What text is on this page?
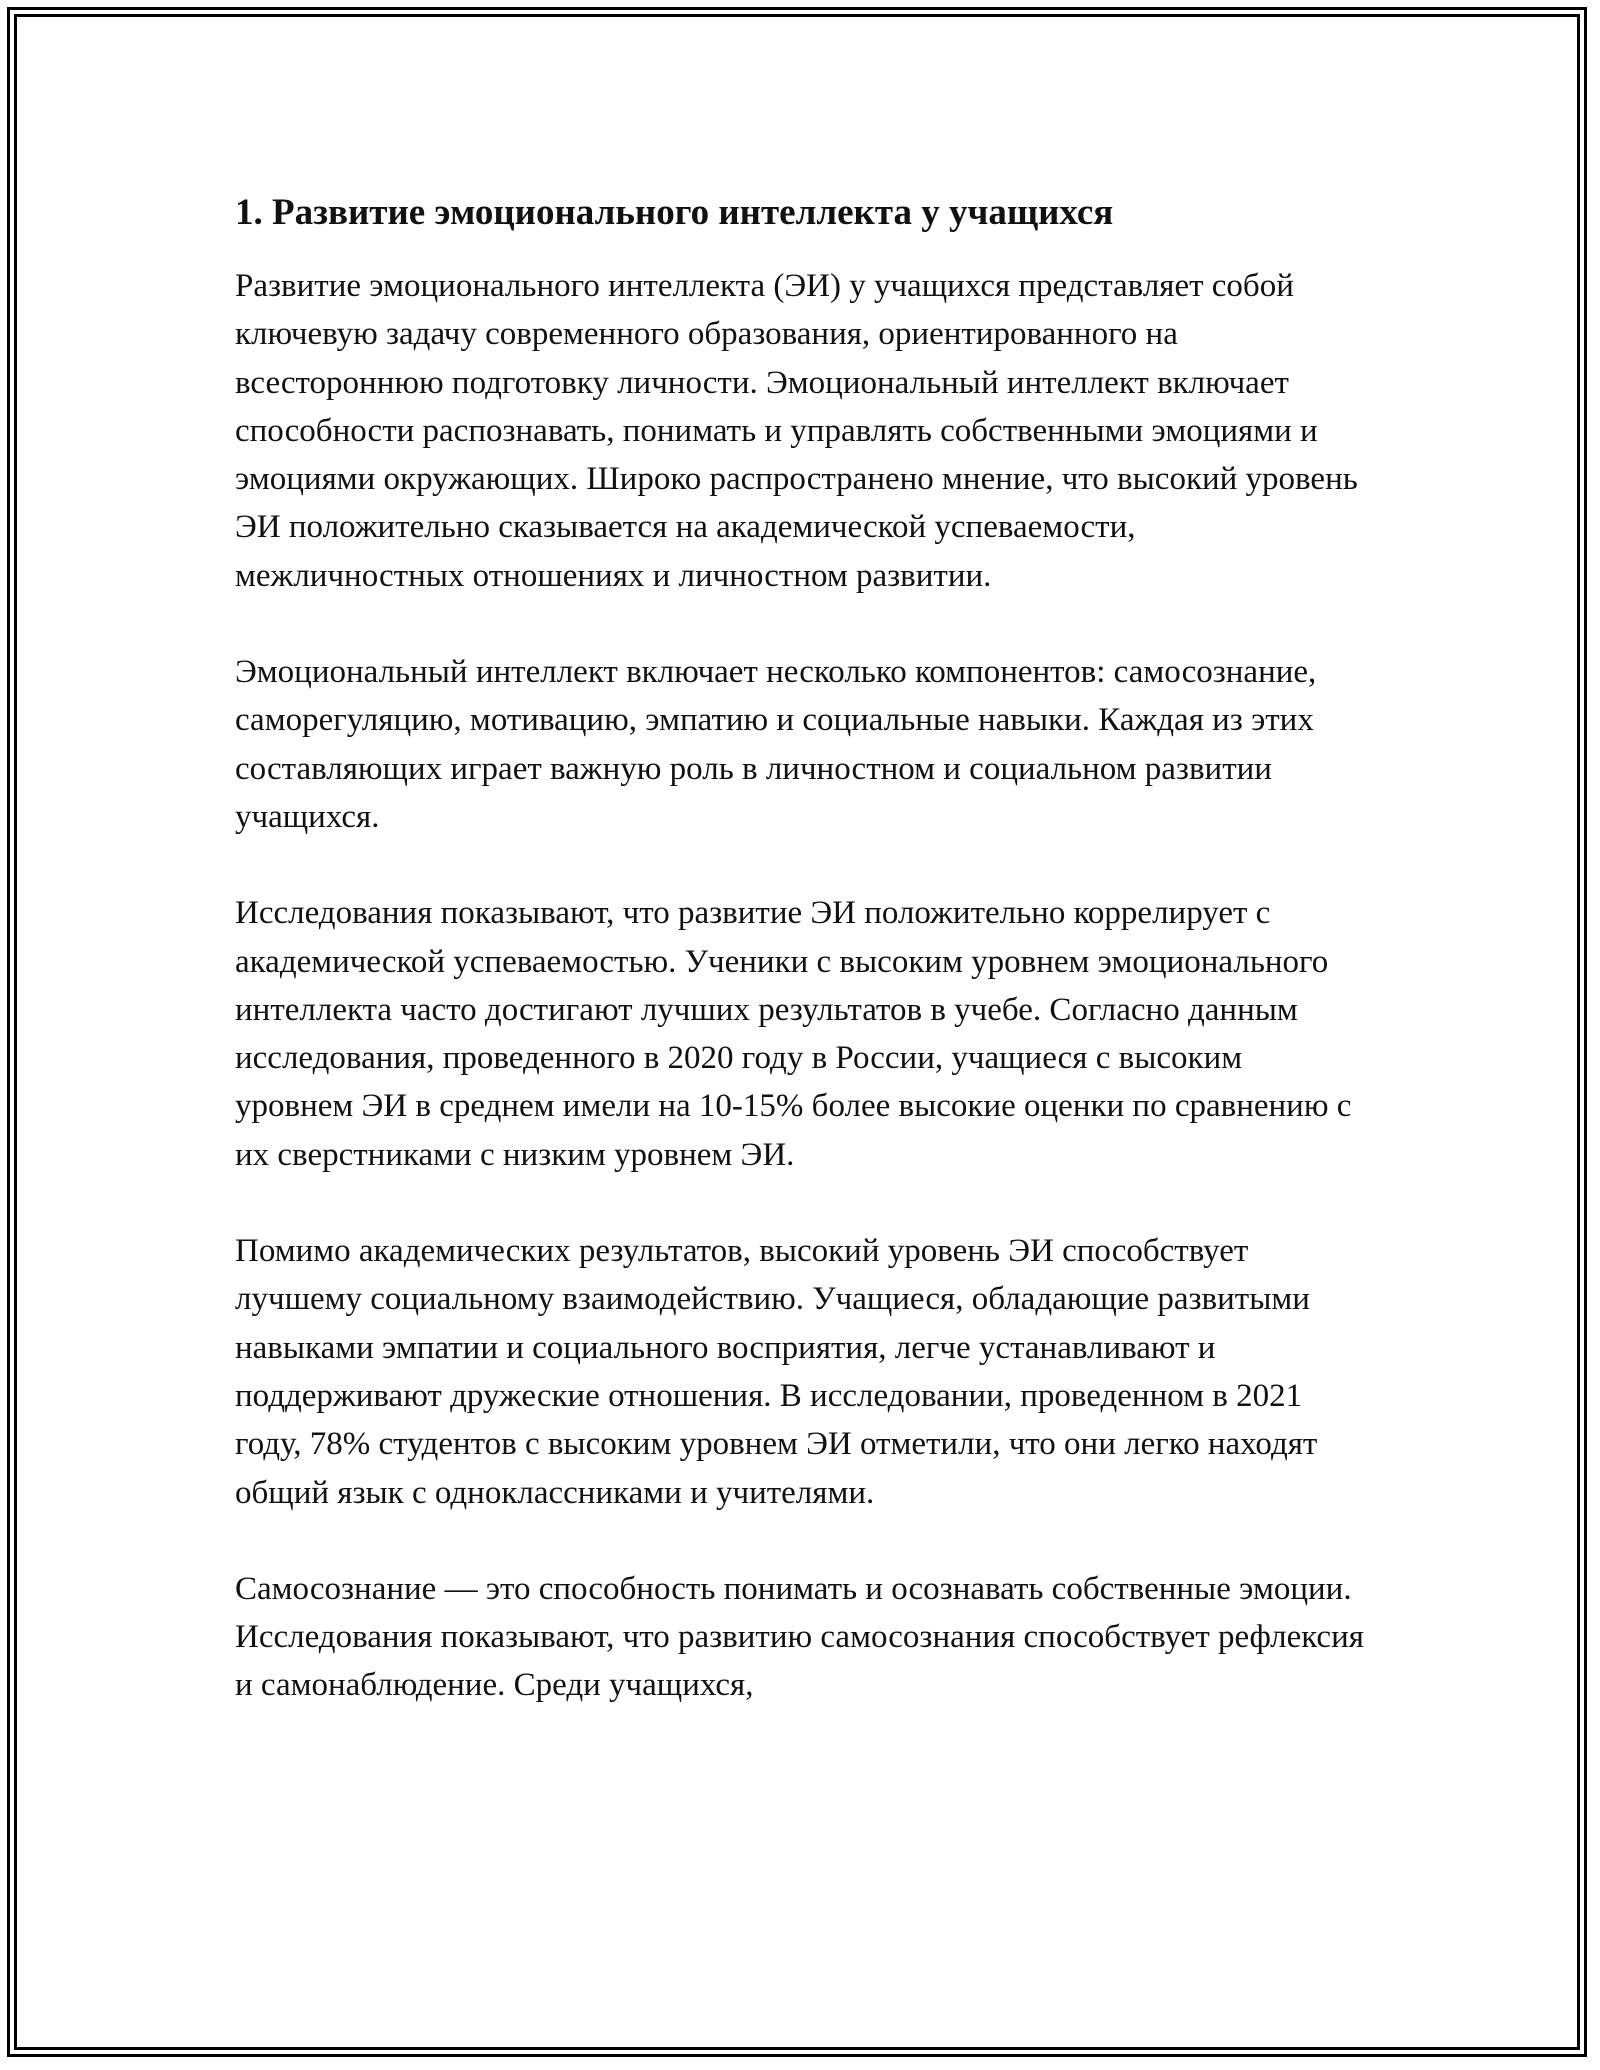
1. Развитие эмоционального интеллекта у учащихся

Развитие эмоционального интеллекта (ЭИ) у учащихся представляет собой ключевую задачу современного образования, ориентированного на всестороннюю подготовку личности. Эмоциональный интеллект включает способности распознавать, понимать и управлять собственными эмоциями и эмоциями окружающих. Широко распространено мнение, что высокий уровень ЭИ положительно сказывается на академической успеваемости, межличностных отношениях и личностном развитии.

Эмоциональный интеллект включает несколько компонентов: самосознание, саморегуляцию, мотивацию, эмпатию и социальные навыки. Каждая из этих составляющих играет важную роль в личностном и социальном развитии учащихся.

Исследования показывают, что развитие ЭИ положительно коррелирует с академической успеваемостью. Ученики с высоким уровнем эмоционального интеллекта часто достигают лучших результатов в учебе. Согласно данным исследования, проведенного в 2020 году в России, учащиеся с высоким уровнем ЭИ в среднем имели на 10-15% более высокие оценки по сравнению с их сверстниками с низким уровнем ЭИ.

Помимо академических результатов, высокий уровень ЭИ способствует лучшему социальному взаимодействию. Учащиеся, обладающие развитыми навыками эмпатии и социального восприятия, легче устанавливают и поддерживают дружеские отношения. В исследовании, проведенном в 2021 году, 78% студентов с высоким уровнем ЭИ отметили, что они легко находят общий язык с одноклассниками и учителями.

Самосознание — это способность понимать и осознавать собственные эмоции. Исследования показывают, что развитию самосознания способствует рефлексия и самонаблюдение. Среди учащихся,
